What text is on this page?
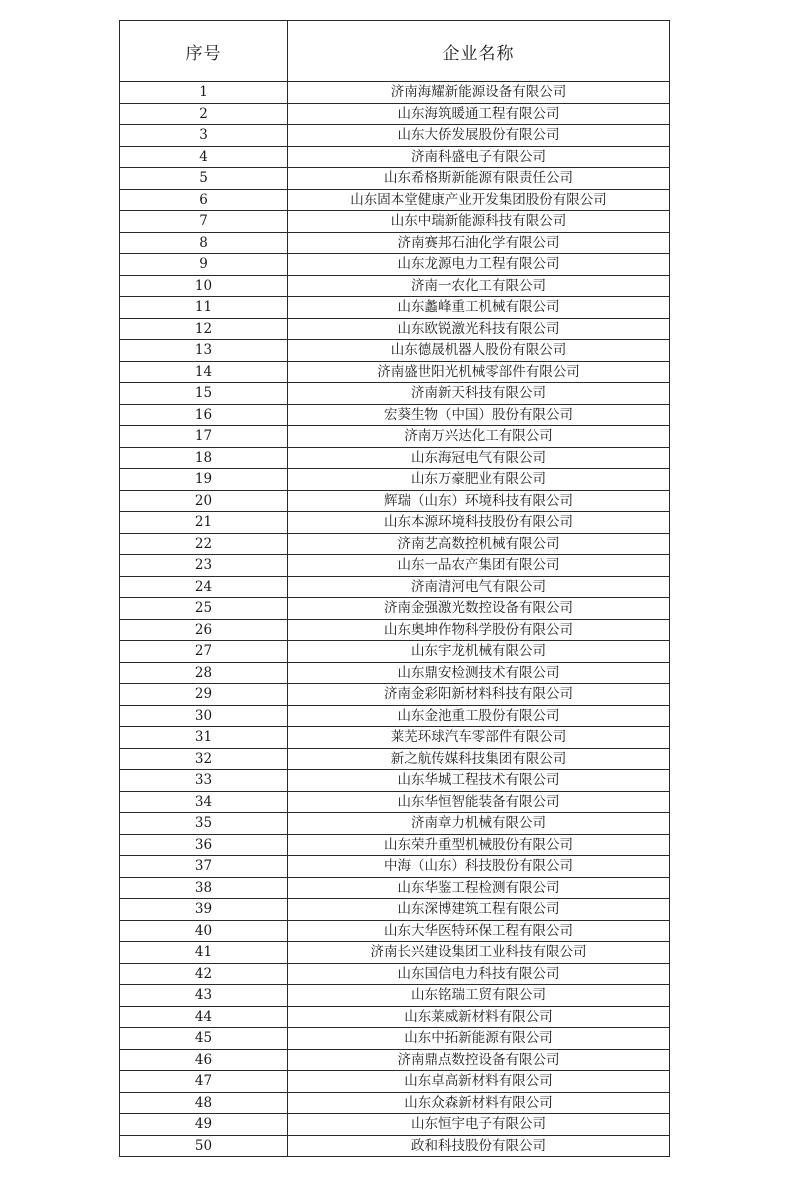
序号	企业名称
1	济南海耀新能源设备有限公司
2	山东海筑暖通工程有限公司
3	山东大侨发展股份有限公司
4	济南科盛电子有限公司
5	山东希格斯新能源有限责任公司
6	山东固本堂健康产业开发集团股份有限公司
7	山东中瑞新能源科技有限公司
8	济南赛邦石油化学有限公司
9	山东龙源电力工程有限公司
10	济南一农化工有限公司
11	山东蠡峰重工机械有限公司
12	山东欧锐激光科技有限公司
13	山东德晟机器人股份有限公司
14	济南盛世阳光机械零部件有限公司
15	济南新天科技有限公司
16	宏葵生物（中国）股份有限公司
17	济南万兴达化工有限公司
18	山东海冠电气有限公司
19	山东万豪肥业有限公司
20	辉瑞（山东）环境科技有限公司
21	山东本源环境科技股份有限公司
22	济南艺高数控机械有限公司
23	山东一品农产集团有限公司
24	济南清河电气有限公司
25	济南金强激光数控设备有限公司
26	山东奥坤作物科学股份有限公司
27	山东宇龙机械有限公司
28	山东鼎安检测技术有限公司
29	济南金彩阳新材料科技有限公司
30	山东金池重工股份有限公司
31	莱芜环球汽车零部件有限公司
32	新之航传媒科技集团有限公司
33	山东华城工程技术有限公司
34	山东华恒智能装备有限公司
35	济南章力机械有限公司
36	山东荣升重型机械股份有限公司
37	中海（山东）科技股份有限公司
38	山东华鉴工程检测有限公司
39	山东深博建筑工程有限公司
40	山东大华医特环保工程有限公司
41	济南长兴建设集团工业科技有限公司
42	山东国信电力科技有限公司
43	山东铭瑞工贸有限公司
44	山东莱威新材料有限公司
45	山东中拓新能源有限公司
46	济南鼎点数控设备有限公司
47	山东卓高新材料有限公司
48	山东众森新材料有限公司
49	山东恒宇电子有限公司
50	政和科技股份有限公司
